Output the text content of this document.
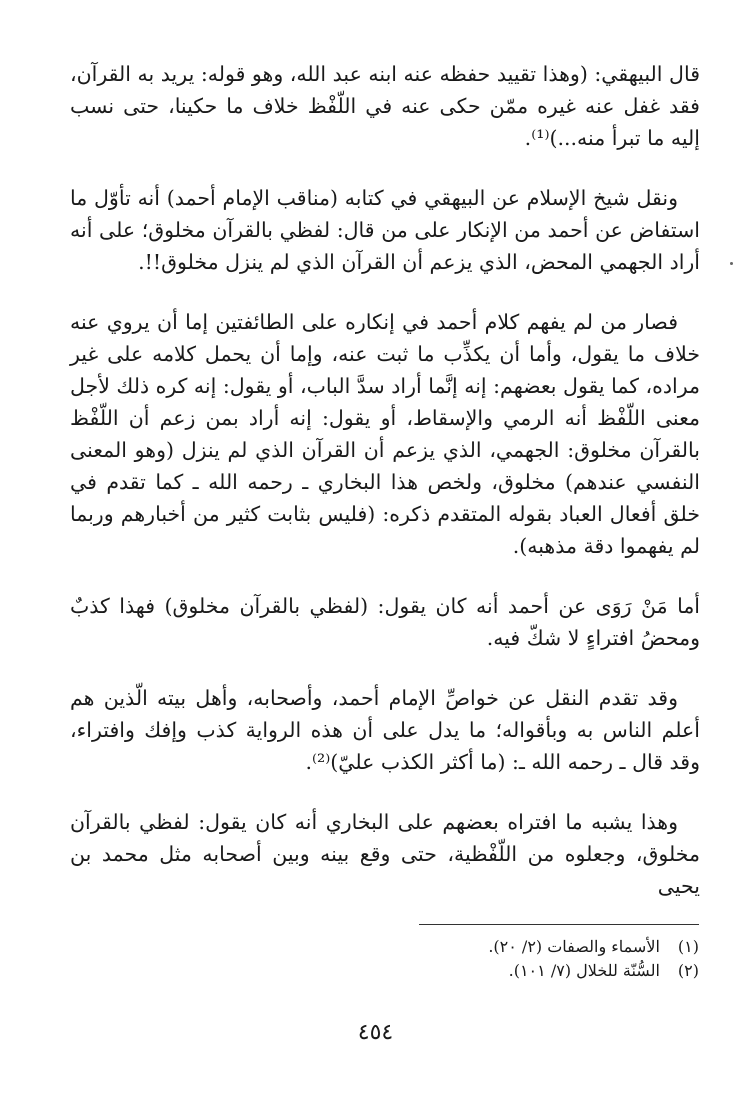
قال البيهقي: (وهذا تقييد حفظه عنه ابنه عبد الله، وهو قوله: يريد به القرآن، فقد غفل عنه غيره ممّن حكى عنه في اللّفْظ خلاف ما حكينا، حتى نسب إليه ما تبرأ منه...)⁽¹⁾.

ونقل شيخ الإسلام عن البيهقي في كتابه (مناقب الإمام أحمد) أنه تأوّل ما استفاض عن أحمد من الإنكار على من قال: لفظي بالقرآن مخلوق؛ على أنه أراد الجهمي المحض، الذي يزعم أن القرآن الذي لم ينزل مخلوق!!.

فصار من لم يفهم كلام أحمد في إنكاره على الطائفتين إما أن يروي عنه خلاف ما يقول، وأما أن يكذِّب ما ثبت عنه، وإما أن يحمل كلامه على غير مراده، كما يقول بعضهم: إنه إنَّما أراد سدَّ الباب، أو يقول: إنه كره ذلك لأجل معنى اللّفْظ أنه الرمي والإسقاط، أو يقول: إنه أراد بمن زعم أن اللّفْظ بالقرآن مخلوق: الجهمي، الذي يزعم أن القرآن الذي لم ينزل (وهو المعنى النفسي عندهم) مخلوق، ولخص هذا البخاري ـ رحمه الله ـ كما تقدم في خلق أفعال العباد بقوله المتقدم ذكره: (فليس بثابت كثير من أخبارهم وربما لم يفهموا دقة مذهبه).

أما مَنْ رَوَى عن أحمد أنه كان يقول: (لفظي بالقرآن مخلوق) فهذا كذبٌ ومحضُ افتراءٍ لا شكّ فيه.

وقد تقدم النقل عن خواصِّ الإمام أحمد، وأصحابه، وأهل بيته الّذين هم أعلم الناس به وبأقواله؛ ما يدل على أن هذه الرواية كذب وإفك وافتراء، وقد قال ـ رحمه الله ـ: (ما أكثر الكذب عليّ)⁽²⁾.

وهذا يشبه ما افتراه بعضهم على البخاري أنه كان يقول: لفظي بالقرآن مخلوق، وجعلوه من اللّفْظية، حتى وقع بينه وبين أصحابه مثل محمد بن يحيى

(١) الأسماء والصفات (٢/ ٢٠).

(٢) السُّنّة للخلال (٧/ ١٠١).

٤٥٤
